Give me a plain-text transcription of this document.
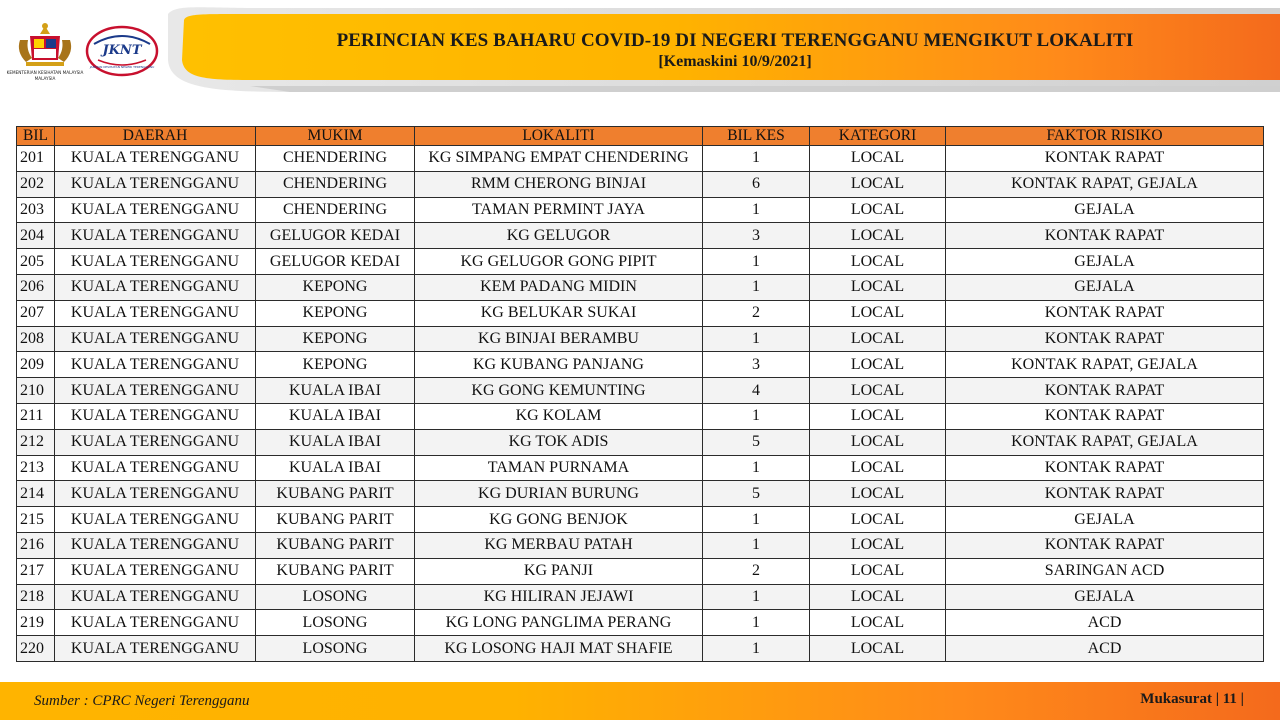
KEMENTERIAN KESIHATAN MALAYSIA
MALAYSIA
JKNT
JABATAN KESIHATAN NEGERI TERENGGANU
PERINCIAN KES BAHARU COVID-19 DI NEGERI TERENGGANU MENGIKUT LOKALITI
[Kemaskini 10/9/2021]
BIL	DAERAH	MUKIM	LOKALITI	BIL KES	KATEGORI	FAKTOR RISIKO
201	KUALA TERENGGANU	CHENDERING	KG SIMPANG EMPAT CHENDERING	1	LOCAL	KONTAK RAPAT
202	KUALA TERENGGANU	CHENDERING	RMM CHERONG BINJAI	6	LOCAL	KONTAK RAPAT, GEJALA
203	KUALA TERENGGANU	CHENDERING	TAMAN PERMINT JAYA	1	LOCAL	GEJALA
204	KUALA TERENGGANU	GELUGOR KEDAI	KG GELUGOR	3	LOCAL	KONTAK RAPAT
205	KUALA TERENGGANU	GELUGOR KEDAI	KG GELUGOR GONG PIPIT	1	LOCAL	GEJALA
206	KUALA TERENGGANU	KEPONG	KEM PADANG MIDIN	1	LOCAL	GEJALA
207	KUALA TERENGGANU	KEPONG	KG BELUKAR SUKAI	2	LOCAL	KONTAK RAPAT
208	KUALA TERENGGANU	KEPONG	KG BINJAI BERAMBU	1	LOCAL	KONTAK RAPAT
209	KUALA TERENGGANU	KEPONG	KG KUBANG PANJANG	3	LOCAL	KONTAK RAPAT, GEJALA
210	KUALA TERENGGANU	KUALA IBAI	KG GONG KEMUNTING	4	LOCAL	KONTAK RAPAT
211	KUALA TERENGGANU	KUALA IBAI	KG KOLAM	1	LOCAL	KONTAK RAPAT
212	KUALA TERENGGANU	KUALA IBAI	KG TOK ADIS	5	LOCAL	KONTAK RAPAT, GEJALA
213	KUALA TERENGGANU	KUALA IBAI	TAMAN PURNAMA	1	LOCAL	KONTAK RAPAT
214	KUALA TERENGGANU	KUBANG PARIT	KG DURIAN BURUNG	5	LOCAL	KONTAK RAPAT
215	KUALA TERENGGANU	KUBANG PARIT	KG GONG BENJOK	1	LOCAL	GEJALA
216	KUALA TERENGGANU	KUBANG PARIT	KG MERBAU PATAH	1	LOCAL	KONTAK RAPAT
217	KUALA TERENGGANU	KUBANG PARIT	KG PANJI	2	LOCAL	SARINGAN ACD
218	KUALA TERENGGANU	LOSONG	KG HILIRAN JEJAWI	1	LOCAL	GEJALA
219	KUALA TERENGGANU	LOSONG	KG LONG PANGLIMA PERANG	1	LOCAL	ACD
220	KUALA TERENGGANU	LOSONG	KG LOSONG HAJI MAT SHAFIE	1	LOCAL	ACD
Sumber : CPRC Negeri Terengganu	Mukasurat | 11 |
